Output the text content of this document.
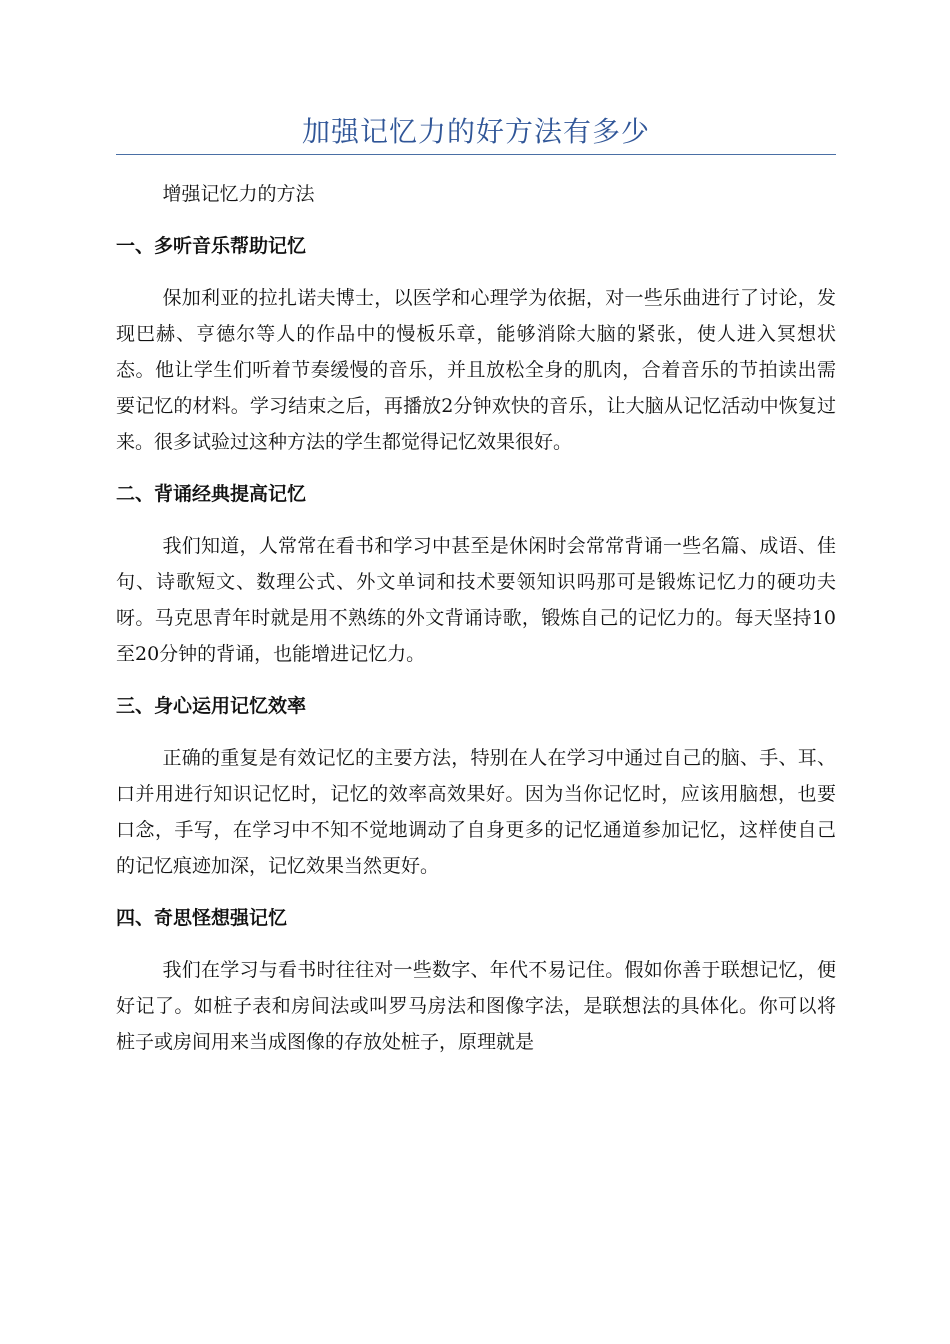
加强记忆力的好方法有多少

增强记忆力的方法

一、多听音乐帮助记忆

保加利亚的拉扎诺夫博士，以医学和心理学为依据，对一些乐曲进行了讨论，发现巴赫、亨德尔等人的作品中的慢板乐章，能够消除大脑的紧张，使人进入冥想状态。他让学生们听着节奏缓慢的音乐，并且放松全身的肌肉，合着音乐的节拍读出需要记忆的材料。学习结束之后，再播放2分钟欢快的音乐，让大脑从记忆活动中恢复过来。很多试验过这种方法的学生都觉得记忆效果很好。

二、背诵经典提高记忆

我们知道，人常常在看书和学习中甚至是休闲时会常常背诵一些名篇、成语、佳句、诗歌短文、数理公式、外文单词和技术要领知识吗那可是锻炼记忆力的硬功夫呀。马克思青年时就是用不熟练的外文背诵诗歌，锻炼自己的记忆力的。每天坚持10至20分钟的背诵，也能增进记忆力。

三、身心运用记忆效率

正确的重复是有效记忆的主要方法，特别在人在学习中通过自己的脑、手、耳、口并用进行知识记忆时，记忆的效率高效果好。因为当你记忆时，应该用脑想，也要口念，手写，在学习中不知不觉地调动了自身更多的记忆通道参加记忆，这样使自己的记忆痕迹加深，记忆效果当然更好。

四、奇思怪想强记忆

我们在学习与看书时往往对一些数字、年代不易记住。假如你善于联想记忆，便好记了。如桩子表和房间法或叫罗马房法和图像字法，是联想法的具体化。你可以将桩子或房间用来当成图像的存放处桩子，原理就是
